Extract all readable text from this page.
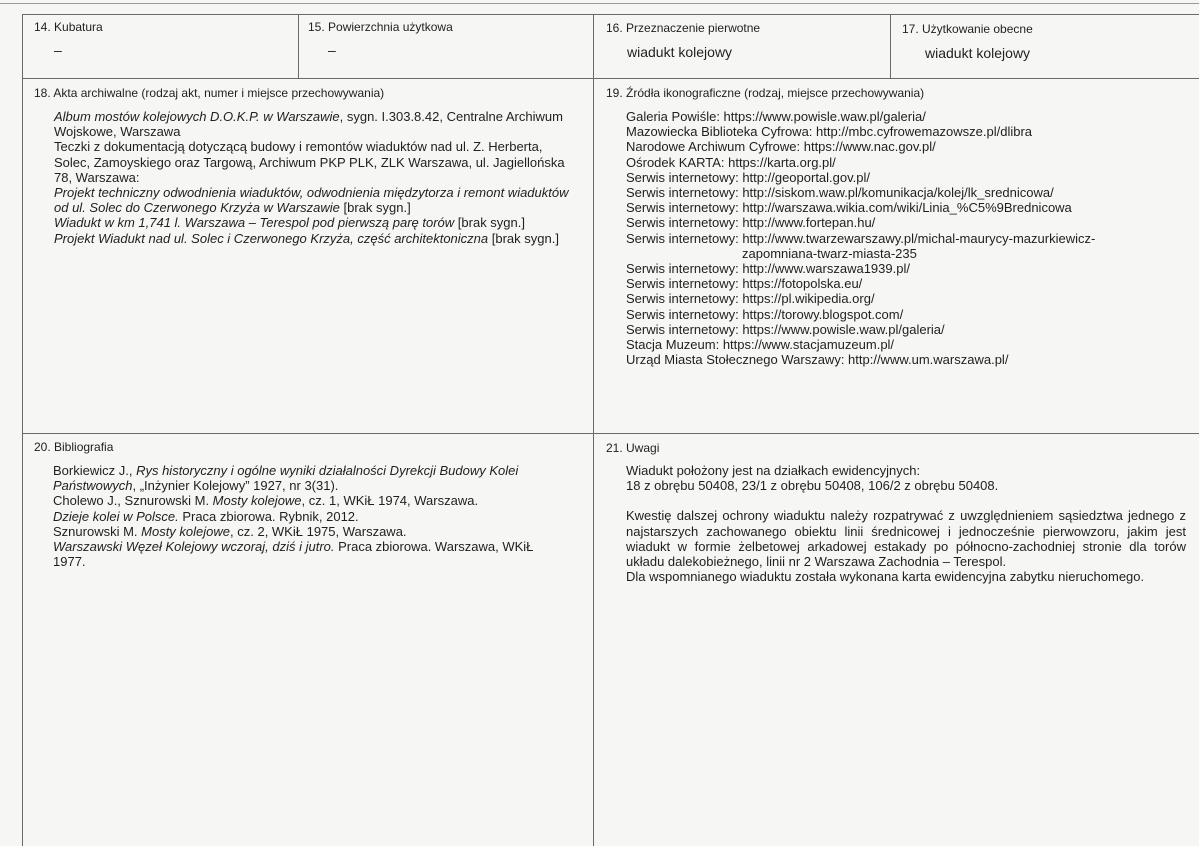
14. Kubatura
–
15. Powierzchnia użytkowa
–
16. Przeznaczenie pierwotne
wiadukt kolejowy
17. Użytkowanie obecne
wiadukt kolejowy
18. Akta archiwalne (rodzaj akt, numer i miejsce przechowywania)
Album mostów kolejowych D.O.K.P. w Warszawie, sygn. I.303.8.42, Centralne Archiwum Wojskowe, Warszawa
Teczki z dokumentacją dotyczącą budowy i remontów wiaduktów nad ul. Z. Herberta, Solec, Zamoyskiego oraz Targową, Archiwum PKP PLK, ZLK Warszawa, ul. Jagiellońska 78, Warszawa:
Projekt techniczny odwodnienia wiaduktów, odwodnienia międzytorza i remont wiaduktów od ul. Solec do Czerwonego Krzyża w Warszawie [brak sygn.]
Wiadukt w km 1,741 l. Warszawa – Terespol pod pierwszą parę torów [brak sygn.]
Projekt Wiadukt nad ul. Solec i Czerwonego Krzyża, część architektoniczna [brak sygn.]
19. Źródła ikonograficzne (rodzaj, miejsce przechowywania)
Galeria Powiśle: https://www.powisle.waw.pl/galeria/
Mazowiecka Biblioteka Cyfrowa: http://mbc.cyfrowemazowsze.pl/dlibra
Narodowe Archiwum Cyfrowe: https://www.nac.gov.pl/
Ośrodek KARTA: https://karta.org.pl/
Serwis internetowy: http://geoportal.gov.pl/
Serwis internetowy: http://siskom.waw.pl/komunikacja/kolej/lk_srednicowa/
Serwis internetowy: http://warszawa.wikia.com/wiki/Linia_%C5%9Brednicowa
Serwis internetowy: http://www.fortepan.hu/
Serwis internetowy: http://www.twarzewarszawy.pl/michal-maurycy-mazurkiewicz-
zapomniana-twarz-miasta-235
Serwis internetowy: http://www.warszawa1939.pl/
Serwis internetowy: https://fotopolska.eu/
Serwis internetowy: https://pl.wikipedia.org/
Serwis internetowy: https://torowy.blogspot.com/
Serwis internetowy: https://www.powisle.waw.pl/galeria/
Stacja Muzeum: https://www.stacjamuzeum.pl/
Urząd Miasta Stołecznego Warszawy: http://www.um.warszawa.pl/
20. Bibliografia
Borkiewicz J., Rys historyczny i ogólne wyniki działalności Dyrekcji Budowy Kolei Państwowych, „Inżynier Kolejowy” 1927, nr 3(31).
Cholewo J., Sznurowski M. Mosty kolejowe, cz. 1, WKiŁ 1974, Warszawa.
Dzieje kolei w Polsce. Praca zbiorowa. Rybnik, 2012.
Sznurowski M. Mosty kolejowe, cz. 2, WKiŁ 1975, Warszawa.
Warszawski Węzeł Kolejowy wczoraj, dziś i jutro. Praca zbiorowa. Warszawa, WKiŁ 1977.
21. Uwagi
Wiadukt położony jest na działkach ewidencyjnych:
18 z obrębu 50408, 23/1 z obrębu 50408, 106/2 z obrębu 50408.
Kwestię dalszej ochrony wiaduktu należy rozpatrywać z uwzględnieniem sąsiedztwa jednego z najstarszych zachowanego obiektu linii średnicowej i jednocześnie pierwowzoru, jakim jest wiadukt w formie żelbetowej arkadowej estakady po północno-zachodniej stronie dla torów układu dalekobieżnego, linii nr 2 Warszawa Zachodnia – Terespol.
Dla wspomnianego wiaduktu została wykonana karta ewidencyjna zabytku nieruchomego.
